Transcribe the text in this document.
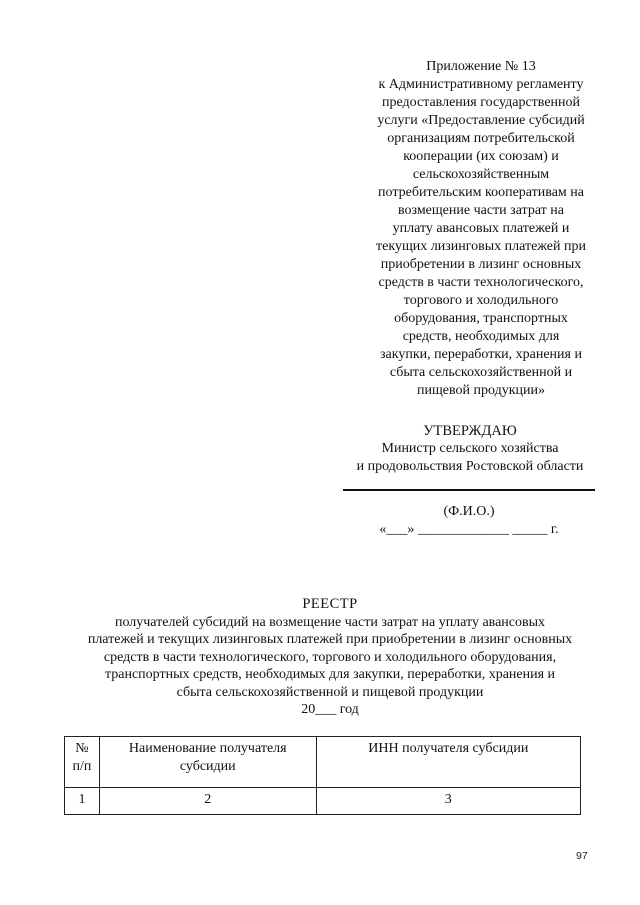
Приложение № 13
к Административному регламенту
предоставления государственной
услуги «Предоставление субсидий
организациям потребительской
кооперации (их союзам) и
сельскохозяйственным
потребительским кооперативам на
возмещение части затрат на
уплату авансовых платежей и
текущих лизинговых платежей при
приобретении в лизинг основных
средств в части технологического,
торгового и холодильного
оборудования, транспортных
средств, необходимых для
закупки, переработки, хранения и
сбыта сельскохозяйственной и
пищевой продукции»
УТВЕРЖДАЮ
Министр сельского хозяйства
и продовольствия Ростовской области
(Ф.И.О.)
«___» _____________ _____ г.
РЕЕСТР
получателей субсидий на возмещение части затрат на уплату авансовых
платежей и текущих лизинговых платежей при приобретении в лизинг основных
средств в части технологического, торгового и холодильного оборудования,
транспортных средств, необходимых для закупки, переработки, хранения и
сбыта сельскохозяйственной и пищевой продукции
20___ год
№ п/п	Наименование получателя субсидии	ИНН получателя субсидии
1	2	3
97
